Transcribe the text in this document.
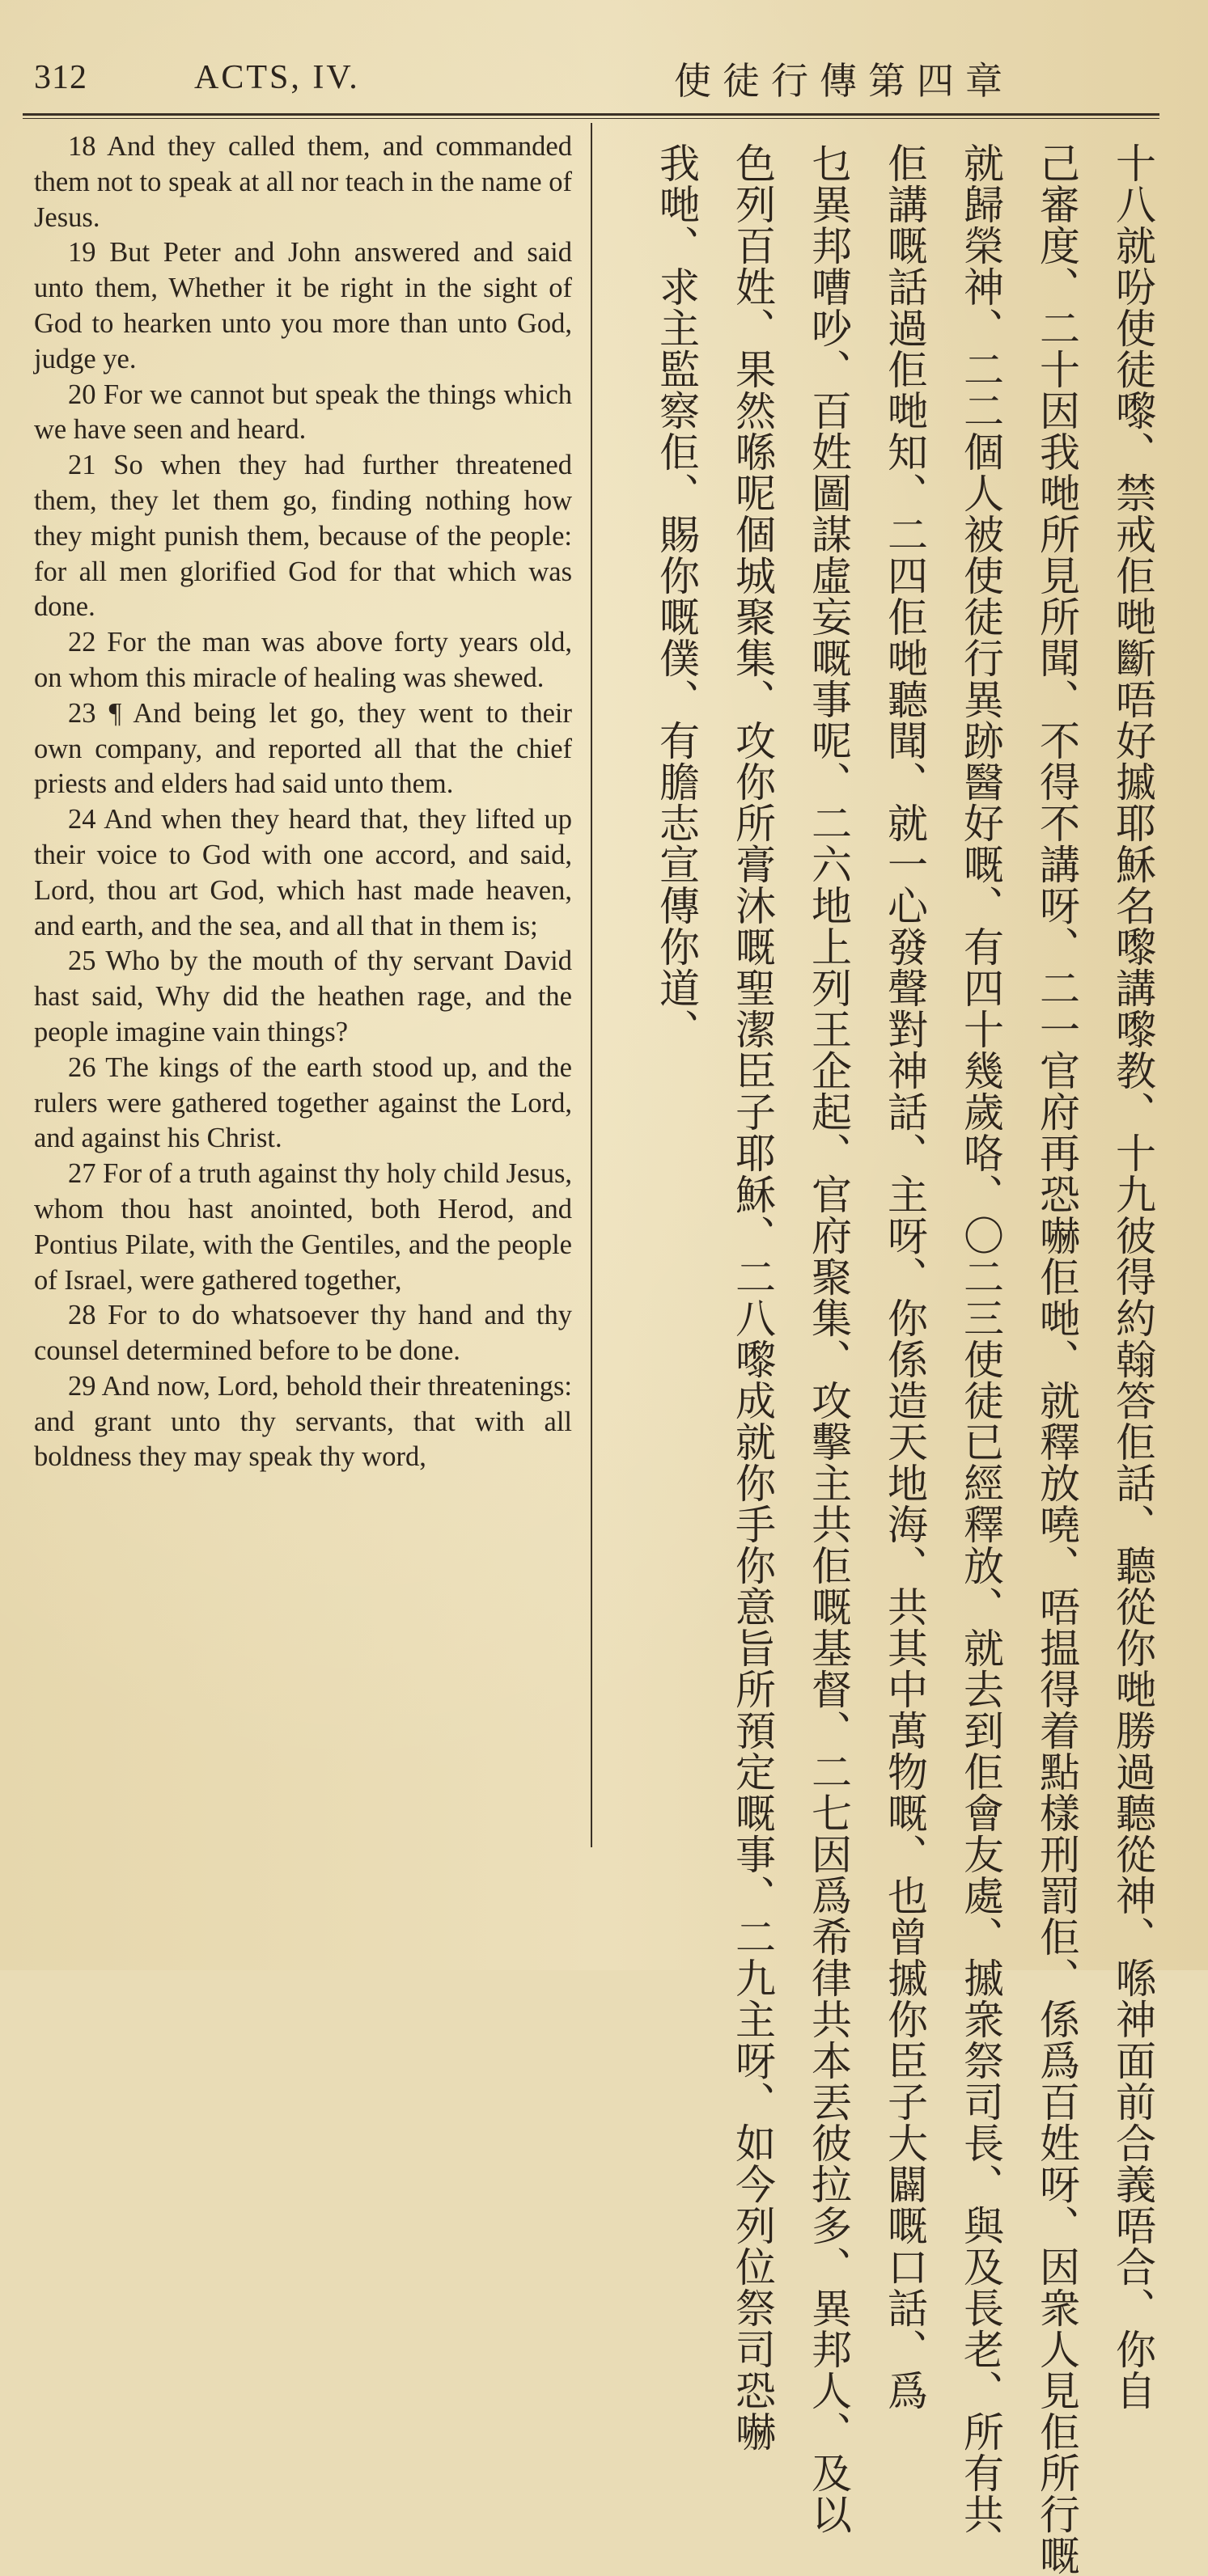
312	ACTS, IV.	使徒行傳第四章

18 And they called them, and commanded them not to speak at all nor teach in the name of Jesus.

19 But Peter and John answered and said unto them, Whether it be right in the sight of God to hearken unto you more than unto God, judge ye.

20 For we cannot but speak the things which we have seen and heard.

21 So when they had further threatened them, they let them go, finding nothing how they might punish them, because of the people: for all men glorified God for that which was done.

22 For the man was above forty years old, on whom this miracle of healing was shewed.

23 ¶ And being let go, they went to their own company, and reported all that the chief priests and elders had said unto them.

24 And when they heard that, they lifted up their voice to God with one accord, and said, Lord, thou art God, which hast made heaven, and earth, and the sea, and all that in them is;

25 Who by the mouth of thy servant David hast said, Why did the heathen rage, and the people imagine vain things?

26 The kings of the earth stood up, and the rulers were gathered together against the Lord, and against his Christ.

27 For of a truth against thy holy child Jesus, whom thou hast anointed, both Herod, and Pontius Pilate, with the Gentiles, and the people of Israel, were gathered together,

28 For to do whatsoever thy hand and thy counsel determined before to be done.

29 And now, Lord, behold their threatenings: and grant unto thy servants, that with all boldness they may speak thy word,	十八就吩使徒嚟、禁戒佢哋斷唔好摵耶穌名嚟講嚟教、十九彼得約翰答佢話、聽從你哋勝過聽從神、喺神面前合義唔合、你自
己審度、二十因我哋所見所聞、不得不講呀、二一官府再恐嚇佢哋、就釋放嘵、唔揾得着點樣刑罰佢、係爲百姓呀、因衆人見佢所行嘅
就歸榮神、二二個人被使徒行異跡醫好嘅、有四十幾歲咯、〇二三使徒已經釋放、就去到佢會友處、摵衆祭司長、與及長老、所有共
佢講嘅話過佢哋知、二四佢哋聽聞、就一心發聲對神話、主呀、你係造天地海、共其中萬物嘅、也曾摵你臣子大闢嘅口話、爲
乜異邦嘈吵、百姓圖謀虛妄嘅事呢、二六地上列王企起、官府聚集、攻擊主共佢嘅基督、二七因爲希律共本丟彼拉多、異邦人、及以
色列百姓、果然喺呢個城聚集、攻你所膏沐嘅聖潔臣子耶穌、二八嚟成就你手你意旨所預定嘅事、二九主呀、如今列位祭司恐嚇
我哋、求主監察佢、賜你嘅僕、有膽志宣傳你道、
